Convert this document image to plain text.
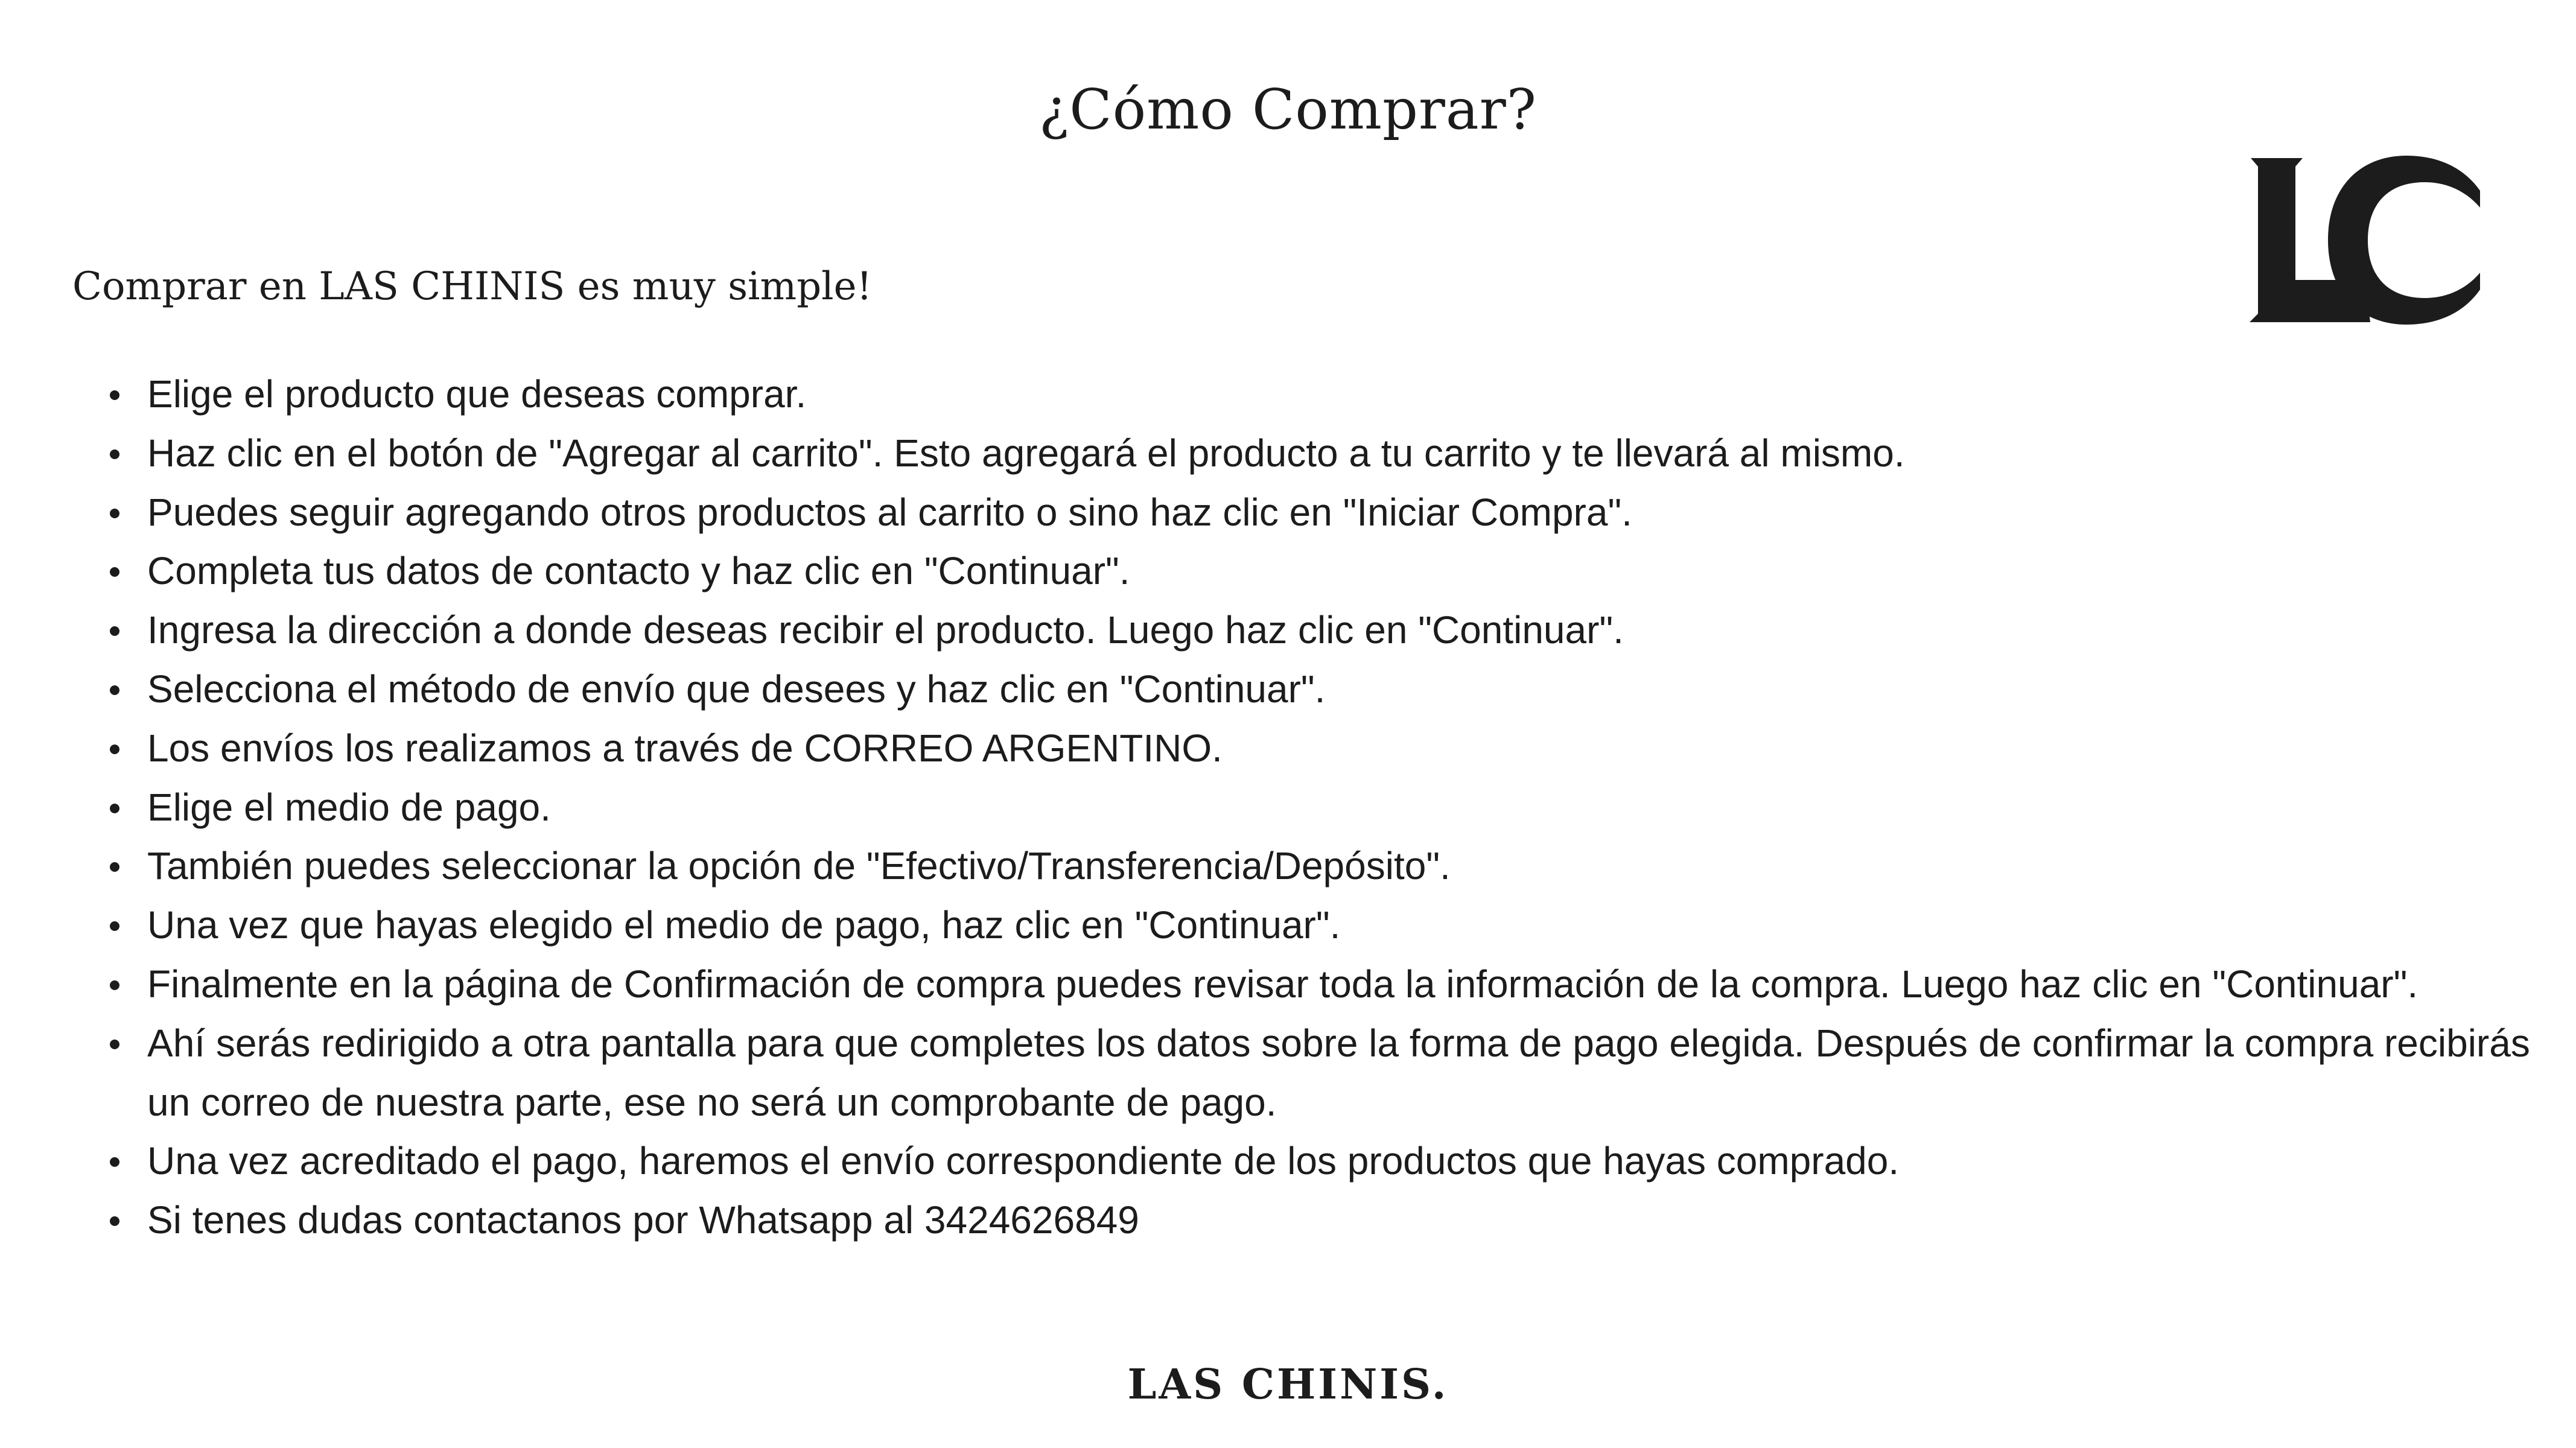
¿Cómo Comprar?
LC

Comprar en LAS CHINIS es muy simple!

Elige el producto que deseas comprar.
Haz clic en el botón de "Agregar al carrito". Esto agregará el producto a tu carrito y te llevará al mismo.
Puedes seguir agregando otros productos al carrito o sino haz clic en "Iniciar Compra".
Completa tus datos de contacto y haz clic en "Continuar".
Ingresa la dirección a donde deseas recibir el producto. Luego haz clic en "Continuar".
Selecciona el método de envío que desees y haz clic en "Continuar".
Los envíos los realizamos a través de CORREO ARGENTINO.
Elige el medio de pago.
También puedes seleccionar la opción de "Efectivo/Transferencia/Depósito".
Una vez que hayas elegido el medio de pago, haz clic en "Continuar".
Finalmente en la página de Confirmación de compra puedes revisar toda la información de la compra. Luego haz clic en "Continuar".
Ahí serás redirigido a otra pantalla para que completes los datos sobre la forma de pago elegida. Después de confirmar la compra recibirás un correo de nuestra parte, ese no será un comprobante de pago.
Una vez acreditado el pago, haremos el envío correspondiente de los productos que hayas comprado.
Si tenes dudas contactanos por Whatsapp al 3424626849

LAS CHINIS.
